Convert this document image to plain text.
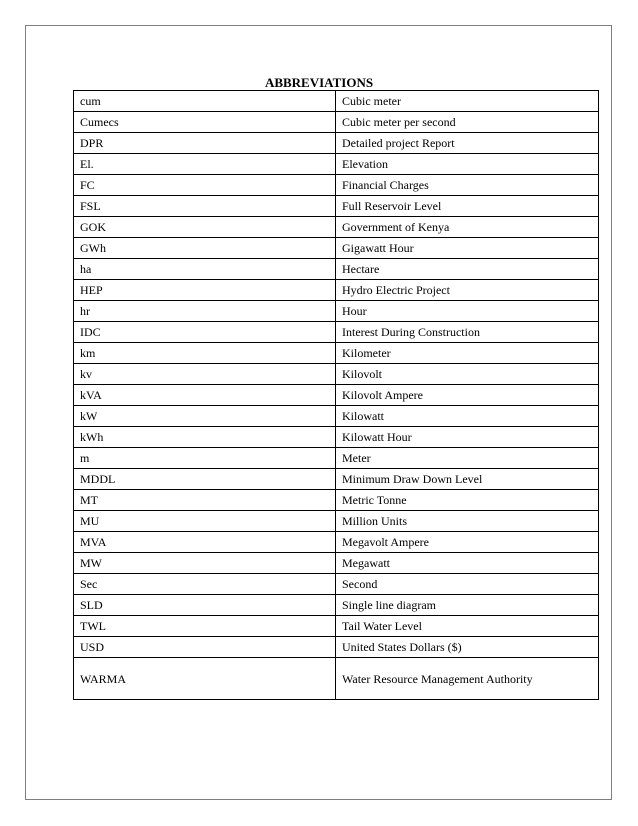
ABBREVIATIONS
cum	Cubic meter
Cumecs	Cubic meter per second
DPR	Detailed project Report
El.	Elevation
FC	Financial Charges
FSL	Full Reservoir Level
GOK	Government of Kenya
GWh	Gigawatt Hour
ha	Hectare
HEP	Hydro Electric Project
hr	Hour
IDC	Interest During Construction
km	Kilometer
kv	Kilovolt
kVA	Kilovolt Ampere
kW	Kilowatt
kWh	Kilowatt Hour
m	Meter
MDDL	Minimum Draw Down Level
MT	Metric Tonne
MU	Million Units
MVA	Megavolt Ampere
MW	Megawatt
Sec	Second
SLD	Single line diagram
TWL	Tail Water Level
USD	United States Dollars ($)
WARMA	Water Resource Management Authority
